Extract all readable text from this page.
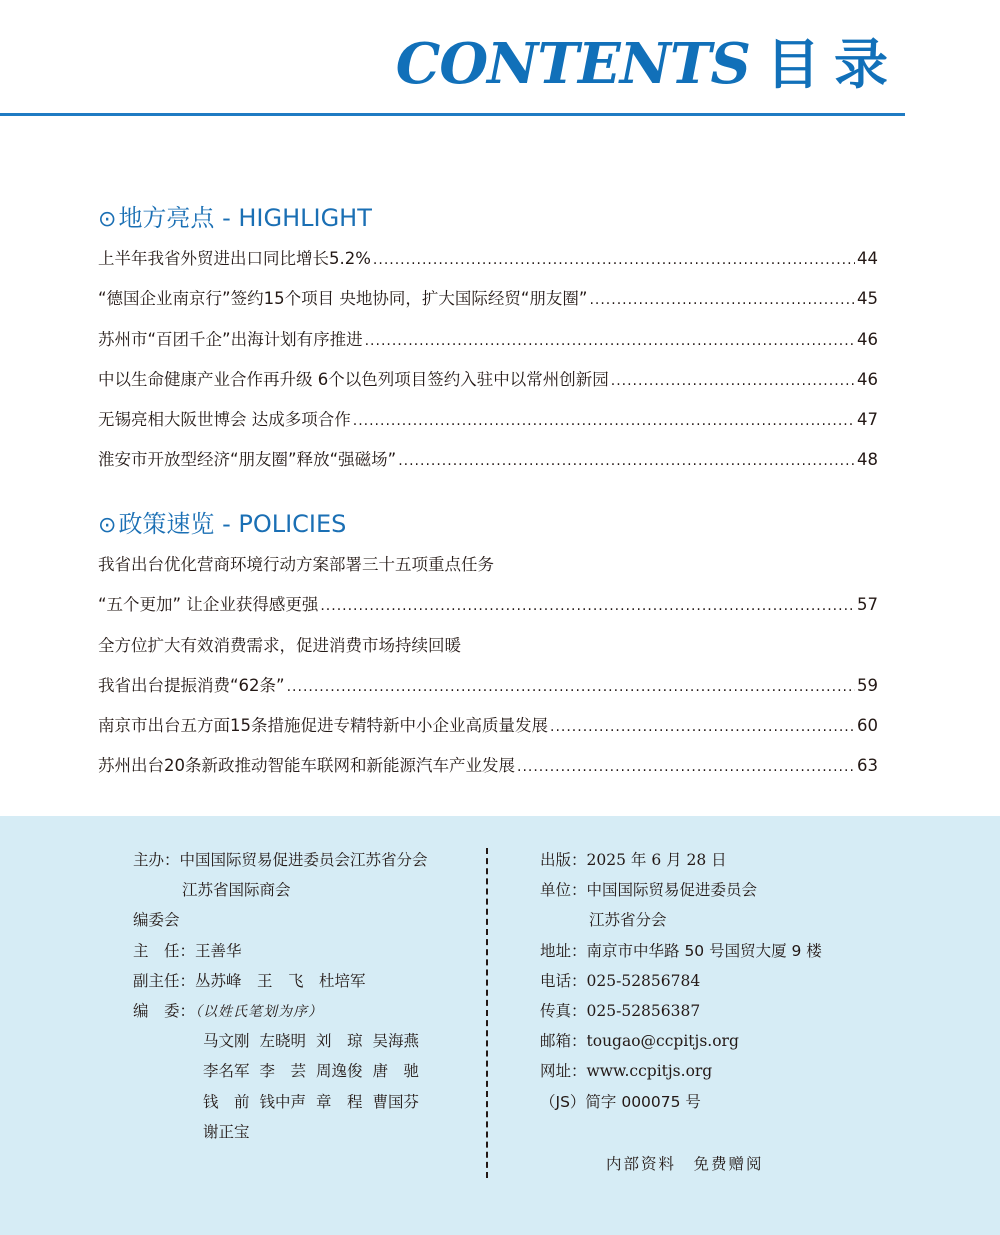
CONTENTS 目录
⊙地方亮点 - HIGHLIGHT
上半年我省外贸进出口同比增长5.2% .....	44
“德国企业南京行”签约15个项目 央地协同，扩大国际经贸“朋友圈” .....	45
苏州市“百团千企”出海计划有序推进 .....	46
中以生命健康产业合作再升级 6个以色列项目签约入驻中以常州创新园 .....	46
无锡亮相大阪世博会 达成多项合作 .....	47
淮安市开放型经济“朋友圈”释放“强磁场” .....	48
⊙政策速览 - POLICIES
我省出台优化营商环境行动方案部署三十五项重点任务
“五个更加” 让企业获得感更强 .....	57
全方位扩大有效消费需求，促进消费市场持续回暖
我省出台提振消费“62条” .....	59
南京市出台五方面15条措施促进专精特新中小企业高质量发展 .....	60
苏州出台20条新政推动智能车联网和新能源汽车产业发展 .....	63
主办：中国国际贸易促进委员会江苏省分会
江苏省国际商会
编委会
主　任：王善华
副主任：丛苏峰　王　飞　杜培军
编　委：（以姓氏笔划为序）
马文刚 左晓明 刘　琼 吴海燕
李名军 李　芸 周逸俊 唐　驰
钱　前 钱中声 章　程 曹国芬
谢正宝
出版：2025 年 6 月 28 日
单位：中国国际贸易促进委员会
江苏省分会
地址：南京市中华路 50 号国贸大厦 9 楼
电话：025-52856784
传真：025-52856387
邮箱：tougao@ccpitjs.org
网址：www.ccpitjs.org
（JS）简字 000075 号
内部资料　免费赠阅
